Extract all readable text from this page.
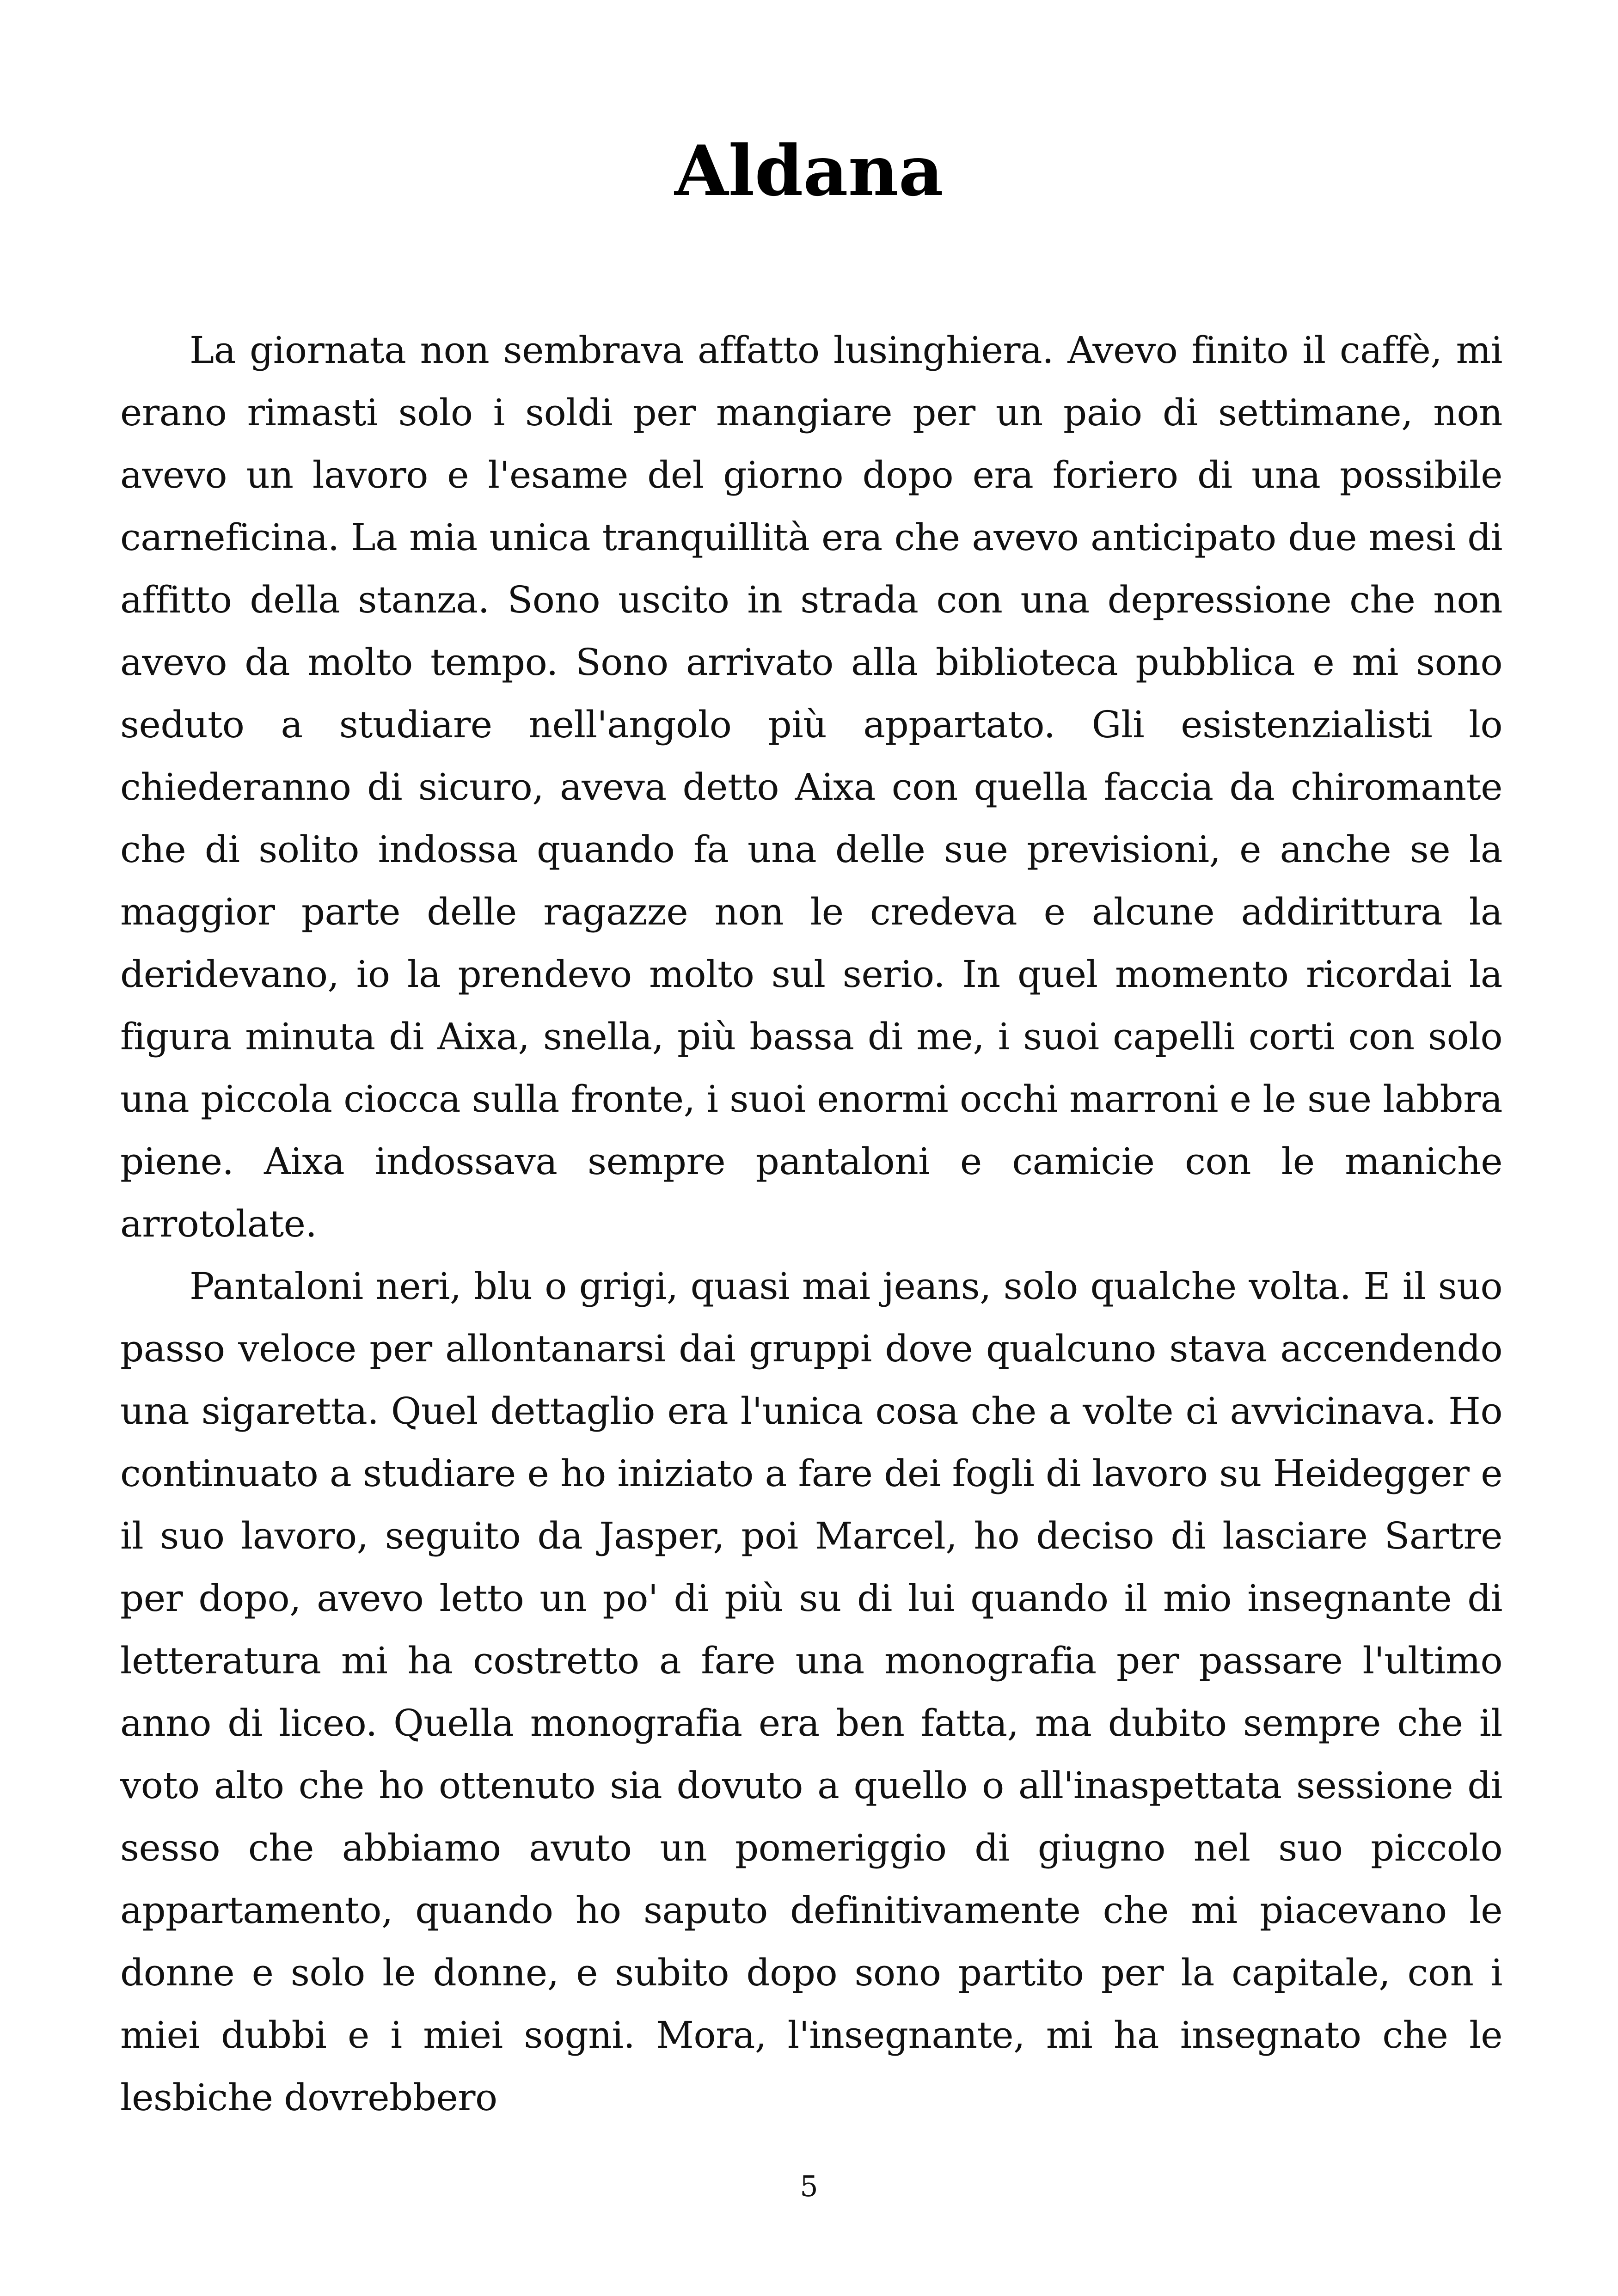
Aldana

La giornata non sembrava affatto lusinghiera. Avevo finito il caffè, mi erano rimasti solo i soldi per mangiare per un paio di settimane, non avevo un lavoro e l'esame del giorno dopo era foriero di una possibile carneficina. La mia unica tranquillità era che avevo anticipato due mesi di affitto della stanza. Sono uscito in strada con una depressione che non avevo da molto tempo. Sono arrivato alla biblioteca pubblica e mi sono seduto a studiare nell'angolo più appartato. Gli esistenzialisti lo chiederanno di sicuro, aveva detto Aixa con quella faccia da chiromante che di solito indossa quando fa una delle sue previsioni, e anche se la maggior parte delle ragazze non le credeva e alcune addirittura la deridevano, io la prendevo molto sul serio. In quel momento ricordai la figura minuta di Aixa, snella, più bassa di me, i suoi capelli corti con solo una piccola ciocca sulla fronte, i suoi enormi occhi marroni e le sue labbra piene. Aixa indossava sempre pantaloni e camicie con le maniche arrotolate.

Pantaloni neri, blu o grigi, quasi mai jeans, solo qualche volta. E il suo passo veloce per allontanarsi dai gruppi dove qualcuno stava accendendo una sigaretta. Quel dettaglio era l'unica cosa che a volte ci avvicinava. Ho continuato a studiare e ho iniziato a fare dei fogli di lavoro su Heidegger e il suo lavoro, seguito da Jasper, poi Marcel, ho deciso di lasciare Sartre per dopo, avevo letto un po' di più su di lui quando il mio insegnante di letteratura mi ha costretto a fare una monografia per passare l'ultimo anno di liceo. Quella monografia era ben fatta, ma dubito sempre che il voto alto che ho ottenuto sia dovuto a quello o all'inaspettata sessione di sesso che abbiamo avuto un pomeriggio di giugno nel suo piccolo appartamento, quando ho saputo definitivamente che mi piacevano le donne e solo le donne, e subito dopo sono partito per la capitale, con i miei dubbi e i miei sogni. Mora, l'insegnante, mi ha insegnato che le lesbiche dovrebbero

5
